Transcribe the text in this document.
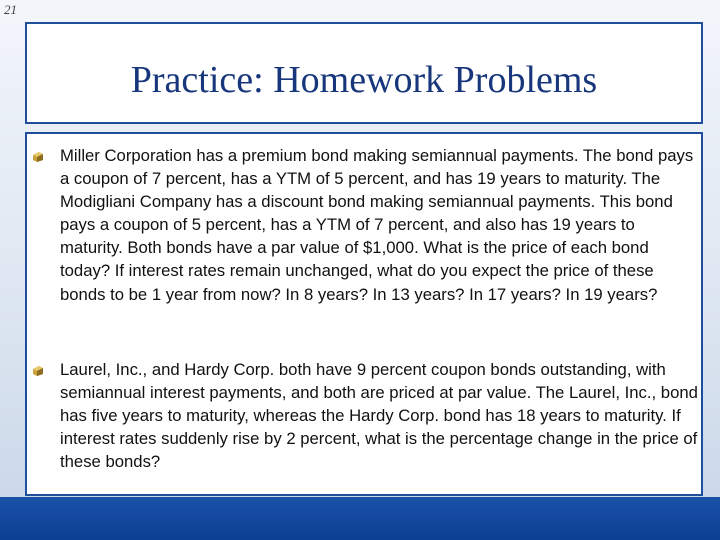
21
Practice: Homework Problems

Miller Corporation has a premium bond making semiannual payments. The bond pays a coupon of 7 percent, has a YTM of 5 percent, and has 19 years to maturity. The Modigliani Company has a discount bond making semiannual payments. This bond pays a coupon of 5 percent, has a YTM of 7 percent, and also has 19 years to maturity. Both bonds have a par value of $1,000. What is the price of each bond today? If interest rates remain unchanged, what do you expect the price of these bonds to be 1 year from now? In 8 years? In 13 years? In 17 years? In 19 years?

Laurel, Inc., and Hardy Corp. both have 9 percent coupon bonds outstanding, with semiannual interest payments, and both are priced at par value. The Laurel, Inc., bond has five years to maturity, whereas the Hardy Corp. bond has 18 years to maturity. If interest rates suddenly rise by 2 percent, what is the percentage change in the price of these bonds?
